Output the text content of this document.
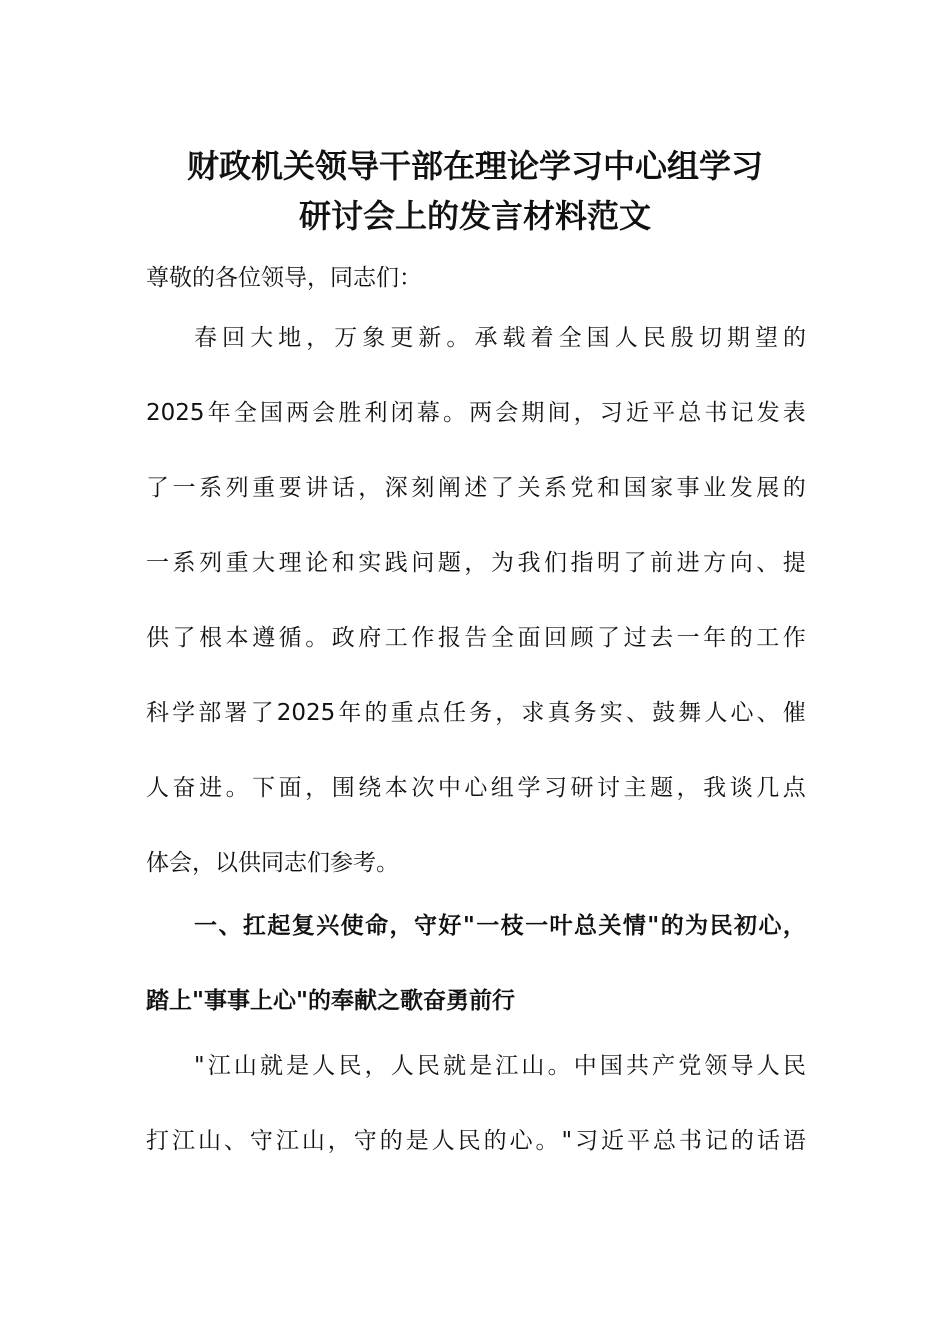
财政机关领导干部在理论学习中心组学习
研讨会上的发言材料范文
尊敬的各位领导，同志们：
春 回 大 地 ， 万 象 更 新 。 承 载 着 全 国 人 民 殷 切 期 望 的
2025 年 全 国 两 会 胜 利 闭 幕 。 两 会 期 间 ， 习 近 平 总 书 记 发 表
了 一 系 列 重 要 讲 话 ， 深 刻 阐 述 了 关 系 党 和 国 家 事 业 发 展 的
一 系 列 重 大 理 论 和 实 践 问 题 ， 为 我 们 指 明 了 前 进 方 向 、 提
供 了 根 本 遵 循 。 政 府 工 作 报 告 全 面 回 顾 了 过 去 一 年 的 工 作
科 学 部 署 了 2025 年 的 重 点 任 务 ， 求 真 务 实 、 鼓 舞 人 心 、 催
人 奋 进 。 下 面 ， 围 绕 本 次 中 心 组 学 习 研 讨 主 题 ， 我 谈 几 点
体会，以供同志们参考。
一 、 扛 起 复 兴 使 命 ， 守 好 " 一 枝 一 叶 总 关 情 " 的 为 民 初 心 ，
踏上"事事上心"的奉献之歌奋勇前行
" 江 山 就 是 人 民 ， 人 民 就 是 江 山 。 中 国 共 产 党 领 导 人 民
打 江 山 、 守 江 山 ， 守 的 是 人 民 的 心 。 " 习 近 平 总 书 记 的 话 语
